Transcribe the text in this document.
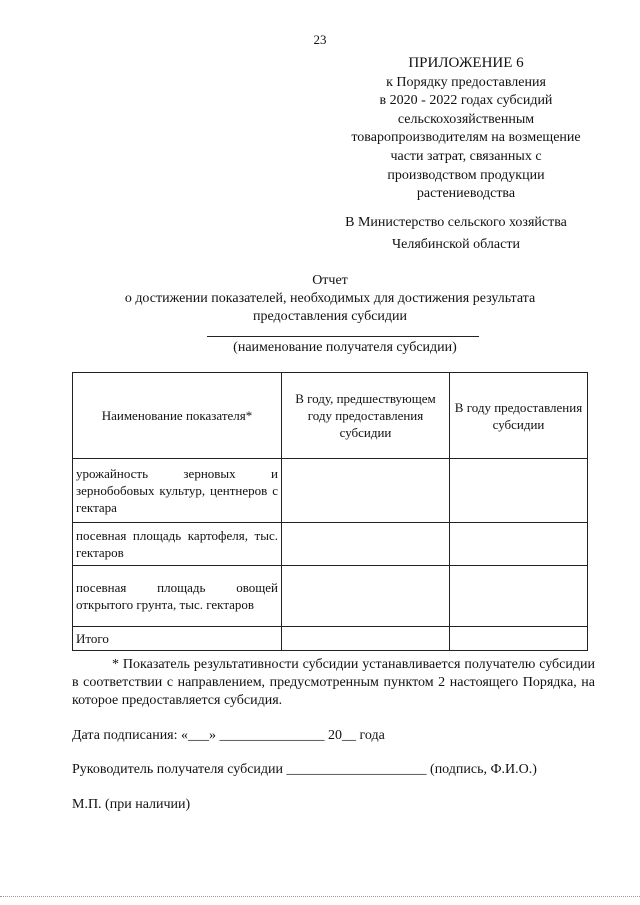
23
ПРИЛОЖЕНИЕ 6
к Порядку предоставления
в 2020 - 2022 годах субсидий
сельскохозяйственным
товаропроизводителям на возмещение
части затрат, связанных с
производством продукции
растениеводства
В Министерство сельского хозяйства
Челябинской области
Отчет
о достижении показателей, необходимых для достижения результата
предоставления субсидии
(наименование получателя субсидии)
Наименование показателя*	В году, предшествующем году предоставления субсидии	В году предоставления субсидии
урожайность зерновых и зернобобовых культур, центнеров с гектара		
посевная площадь картофеля, тыс. гектаров		
посевная площадь овощей открытого грунта, тыс. гектаров		
Итого		
* Показатель результативности субсидии устанавливается получателю субсидии в соответствии с направлением, предусмотренным пунктом 2 настоящего Порядка, на которое предоставляется субсидия.
Дата подписания: «___» _______________ 20__ года
Руководитель получателя субсидии ____________________ (подпись, Ф.И.О.)
М.П. (при наличии)
